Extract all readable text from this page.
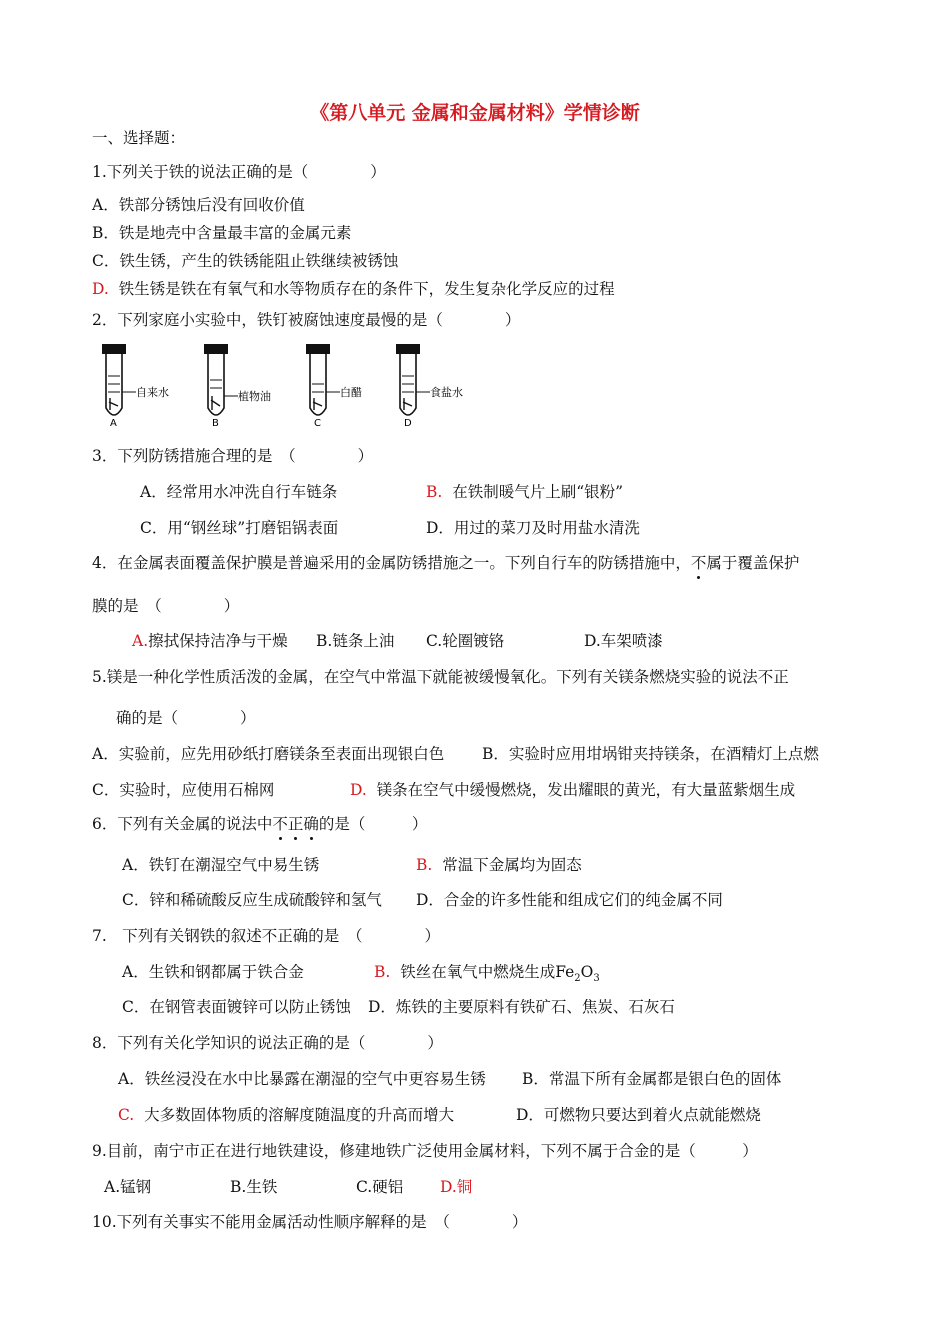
《第八单元 金属和金属材料》学情诊断
一、选择题：
1.下列关于铁的说法正确的是（　　　　）
A．铁部分锈蚀后没有回收价值
B．铁是地壳中含量最丰富的金属元素
C．铁生锈，产生的铁锈能阻止铁继续被锈蚀
D. 铁生锈是铁在有氧气和水等物质存在的条件下，发生复杂化学反应的过程
2．下列家庭小实验中，铁钉被腐蚀速度最慢的是（　　　　）
自来水
A
植物油
B
白醋
C
食盐水
D
3．下列防锈措施合理的是　（　　　　）
A．经常用水冲洗自行车链条	B. 在铁制暖气片上刷“银粉”
C．用“钢丝球”打磨铝锅表面	D．用过的菜刀及时用盐水清洗
4．在金属表面覆盖保护膜是普遍采用的金属防锈措施之一。下列自行车的防锈措施中，不
属于覆盖保护
膜的是　（　　　　）
A.擦拭保持洁净与干燥 B.链条上油 C.轮圈镀铬	D.车架喷漆
5.镁是一种化学性质活泼的金属，在空气中常温下就能被缓慢氧化。下列有关镁条燃烧实验的说法不正
确的是（　　　　）
A．实验前，应先用砂纸打磨镁条至表面出现银白色 B．实验时应用坩埚钳夹持镁条，在酒精灯上点燃
C．实验时，应使用石棉网	D. 镁条在空气中缓慢燃烧，发出耀眼的黄光，有大量蓝紫烟生成
6．下列有关金属的说法中不
正
确
的是（　　　）
A．铁钉在潮湿空气中易生锈	B. 常温下金属均为固态
C．锌和稀硫酸反应生成硫酸锌和氢气 D．合金的许多性能和组成它们的纯金属不同
7.　下列有关钢铁的叙述不正确的是　（　　　　）
A．生铁和钢都属于铁合金	B. 铁丝在氧气中燃烧生成$Fe_2O_3$
C．在钢管表面镀锌可以防止锈蚀 D．炼铁的主要原料有铁矿石、焦炭、石灰石
8．下列有关化学知识的说法正确的是（　　　　）
A．铁丝浸没在水中比暴露在潮湿的空气中更容易生锈 B．常温下所有金属都是银白色的固体
C. 大多数固体物质的溶解度随温度的升高而增大	D．可燃物只要达到着火点就能燃烧
9.目前，南宁市正在进行地铁建设，修建地铁广泛使用金属材料，下列不属于合金的是（　　　）
A.锰钢	B.生铁	C.硬铝 D.铜
10.下列有关事实不能用金属活动性顺序解释的是　（　　　　）
